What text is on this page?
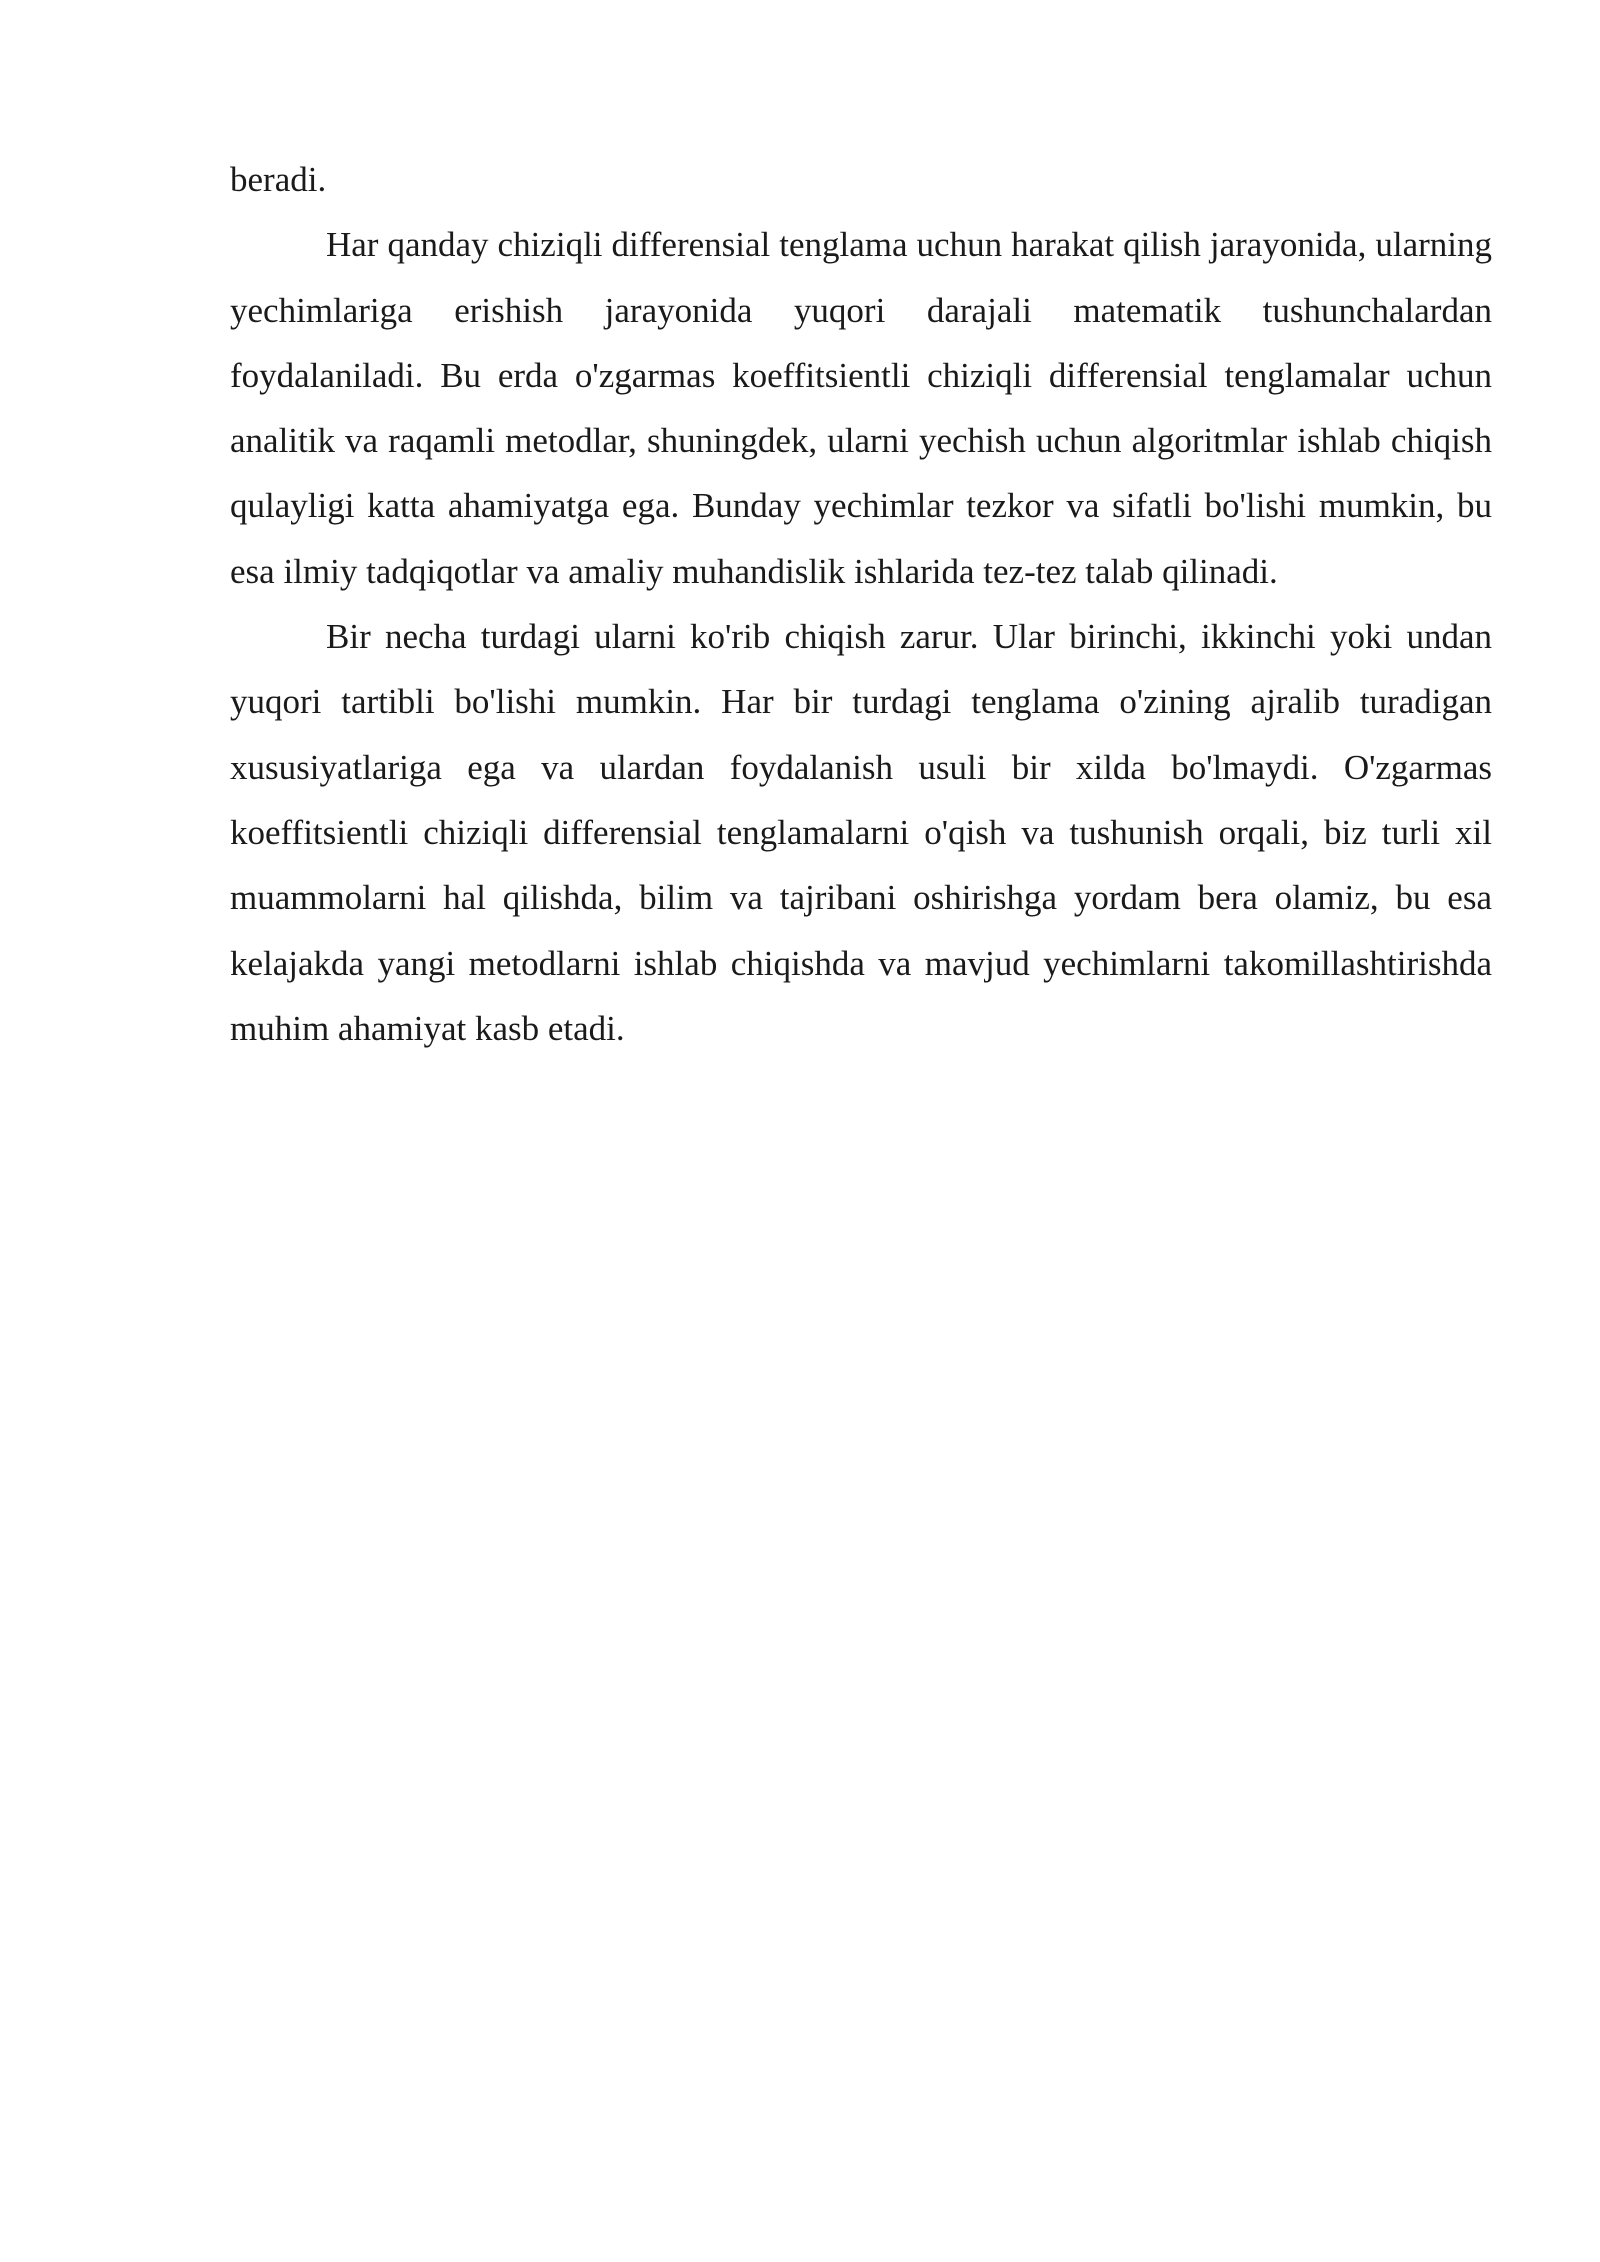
beradi.

Har qanday chiziqli differensial tenglama uchun harakat qilish jarayonida, ularning yechimlariga erishish jarayonida yuqori darajali matematik tushunchalardan foydalaniladi. Bu erda o'zgarmas koeffitsientli chiziqli differensial tenglamalar uchun analitik va raqamli metodlar, shuningdek, ularni yechish uchun algoritmlar ishlab chiqish qulayligi katta ahamiyatga ega. Bunday yechimlar tezkor va sifatli bo'lishi mumkin, bu esa ilmiy tadqiqotlar va amaliy muhandislik ishlarida tez-tez talab qilinadi.

Bir necha turdagi ularni ko'rib chiqish zarur. Ular birinchi, ikkinchi yoki undan yuqori tartibli bo'lishi mumkin. Har bir turdagi tenglama o'zining ajralib turadigan xususiyatlariga ega va ulardan foydalanish usuli bir xilda bo'lmaydi. O'zgarmas koeffitsientli chiziqli differensial tenglamalarni o'qish va tushunish orqali, biz turli xil muammolarni hal qilishda, bilim va tajribani oshirishga yordam bera olamiz, bu esa kelajakda yangi metodlarni ishlab chiqishda va mavjud yechimlarni takomillashtirishda muhim ahamiyat kasb etadi.
